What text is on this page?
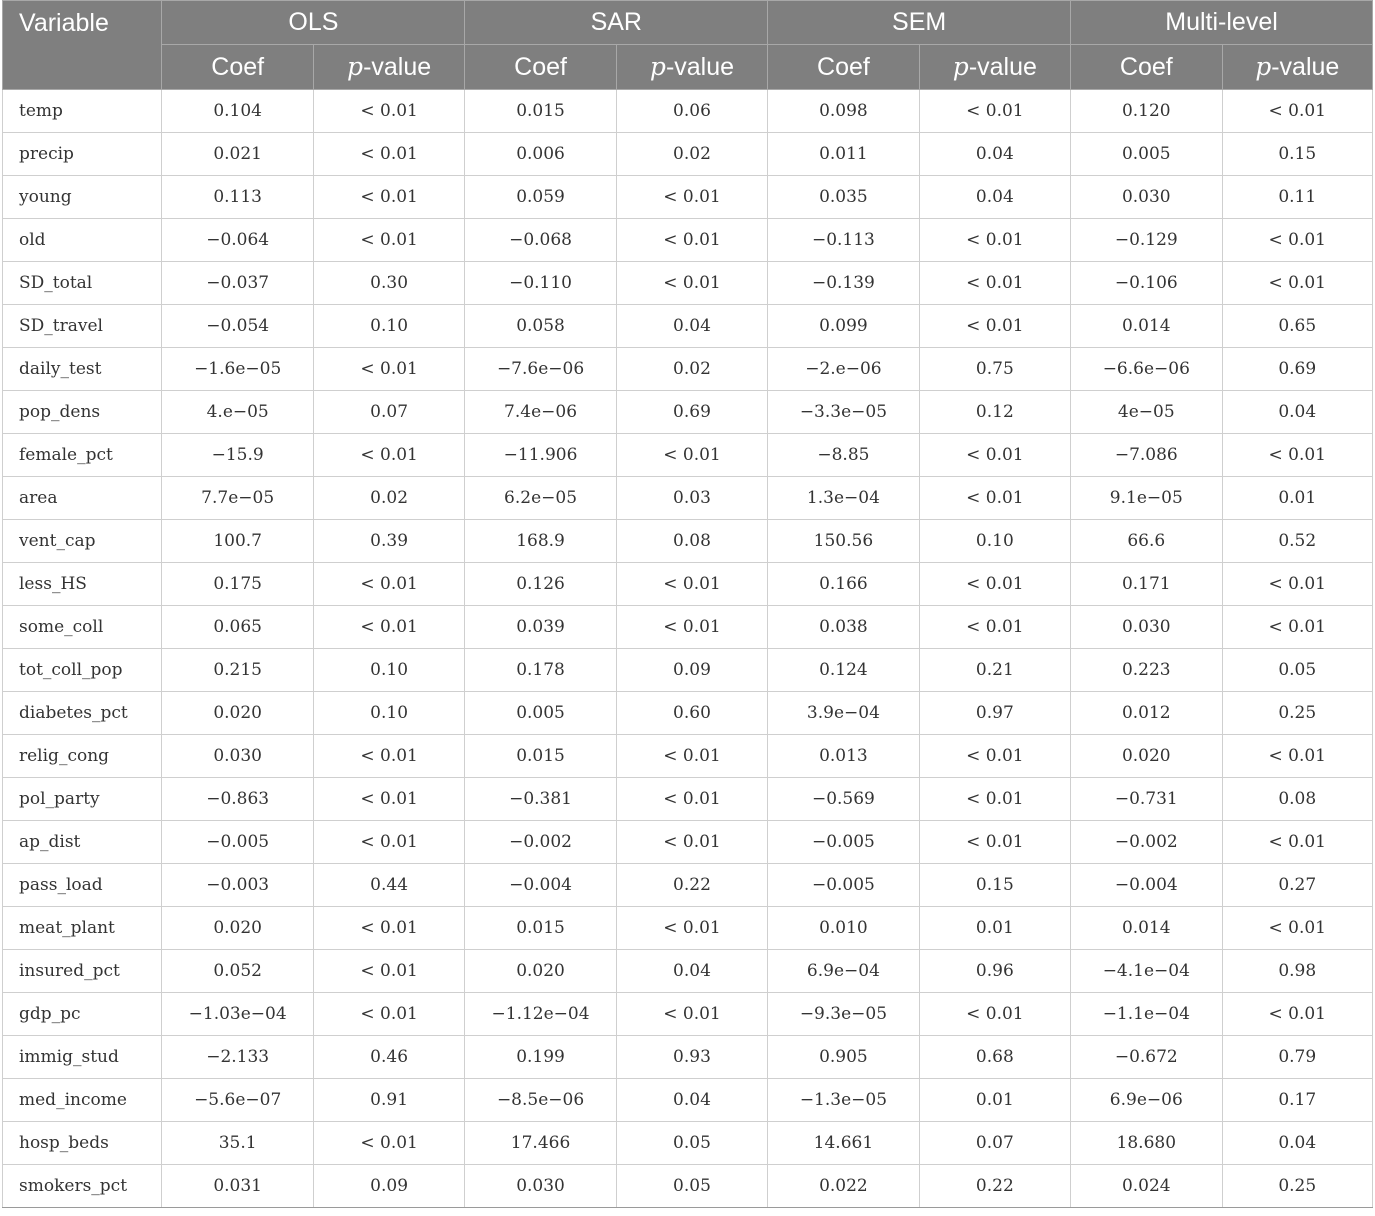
Variable	OLS		SAR		SEM		Multi-level	
	Coef	p-value	Coef	p-value	Coef	p-value	Coef	p-value
temp	0.104	< 0.01	0.015	0.06	0.098	< 0.01	0.120	< 0.01
precip	0.021	< 0.01	0.006	0.02	0.011	0.04	0.005	0.15
young	0.113	< 0.01	0.059	< 0.01	0.035	0.04	0.030	0.11
old	−0.064	< 0.01	−0.068	< 0.01	−0.113	< 0.01	−0.129	< 0.01
SD_total	−0.037	0.30	−0.110	< 0.01	−0.139	< 0.01	−0.106	< 0.01
SD_travel	−0.054	0.10	0.058	0.04	0.099	< 0.01	0.014	0.65
daily_test	−1.6e−05	< 0.01	−7.6e−06	0.02	−2.e−06	0.75	−6.6e−06	0.69
pop_dens	4.e−05	0.07	7.4e−06	0.69	−3.3e−05	0.12	4e−05	0.04
female_pct	−15.9	< 0.01	−11.906	< 0.01	−8.85	< 0.01	−7.086	< 0.01
area	7.7e−05	0.02	6.2e−05	0.03	1.3e−04	< 0.01	9.1e−05	0.01
vent_cap	100.7	0.39	168.9	0.08	150.56	0.10	66.6	0.52
less_HS	0.175	< 0.01	0.126	< 0.01	0.166	< 0.01	0.171	< 0.01
some_coll	0.065	< 0.01	0.039	< 0.01	0.038	< 0.01	0.030	< 0.01
tot_coll_pop	0.215	0.10	0.178	0.09	0.124	0.21	0.223	0.05
diabetes_pct	0.020	0.10	0.005	0.60	3.9e−04	0.97	0.012	0.25
relig_cong	0.030	< 0.01	0.015	< 0.01	0.013	< 0.01	0.020	< 0.01
pol_party	−0.863	< 0.01	−0.381	< 0.01	−0.569	< 0.01	−0.731	0.08
ap_dist	−0.005	< 0.01	−0.002	< 0.01	−0.005	< 0.01	−0.002	< 0.01
pass_load	−0.003	0.44	−0.004	0.22	−0.005	0.15	−0.004	0.27
meat_plant	0.020	< 0.01	0.015	< 0.01	0.010	0.01	0.014	< 0.01
insured_pct	0.052	< 0.01	0.020	0.04	6.9e−04	0.96	−4.1e−04	0.98
gdp_pc	−1.03e−04	< 0.01	−1.12e−04	< 0.01	−9.3e−05	< 0.01	−1.1e−04	< 0.01
immig_stud	−2.133	0.46	0.199	0.93	0.905	0.68	−0.672	0.79
med_income	−5.6e−07	0.91	−8.5e−06	0.04	−1.3e−05	0.01	6.9e−06	0.17
hosp_beds	35.1	< 0.01	17.466	0.05	14.661	0.07	18.680	0.04
smokers_pct	0.031	0.09	0.030	0.05	0.022	0.22	0.024	0.25
